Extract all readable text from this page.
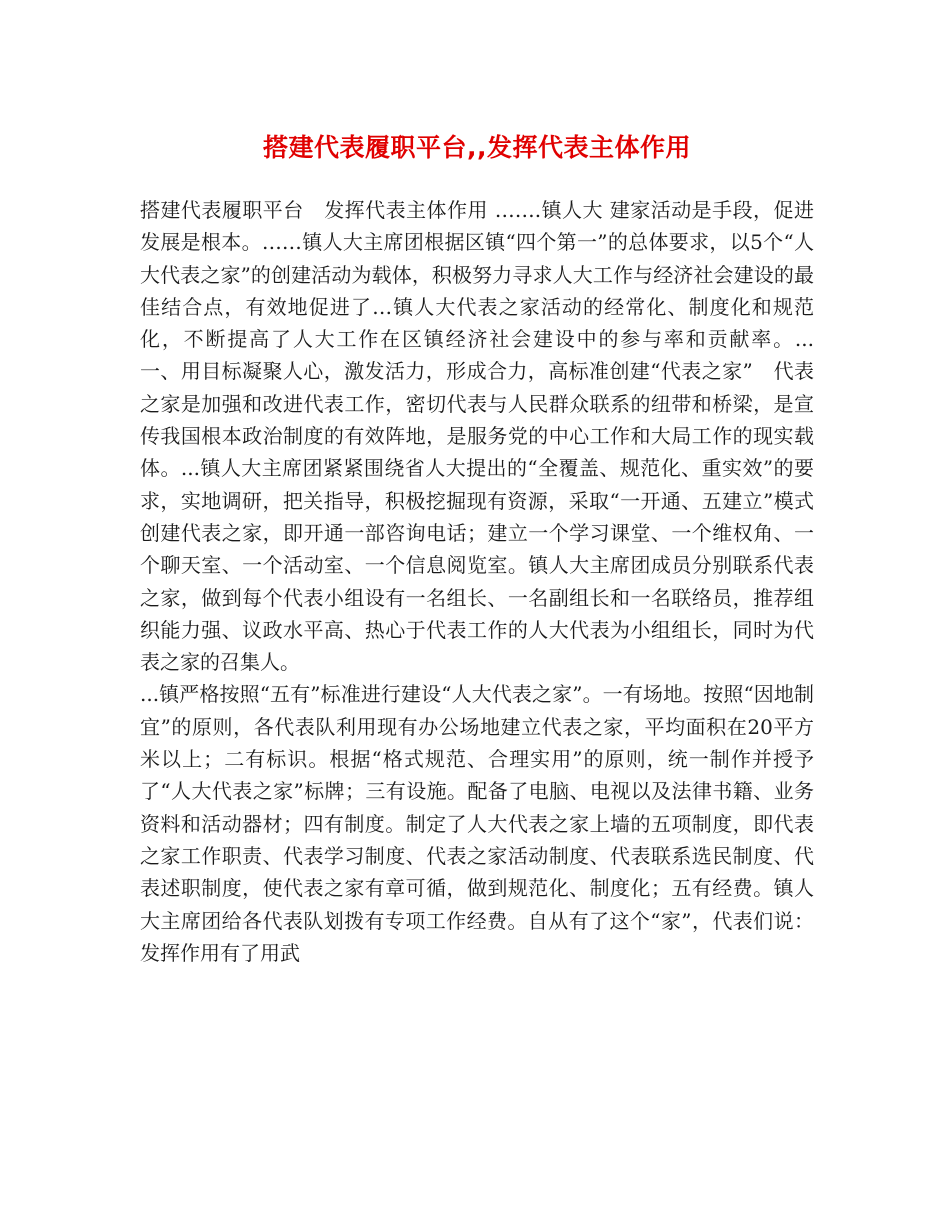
搭建代表履职平台,,发挥代表主体作用

搭建代表履职平台　发挥代表主体作用 …….镇人大 建家活动是手段，促进发展是根本。……镇人大主席团根据区镇“四个第一”的总体要求，以5个“人大代表之家”的创建活动为载体，积极努力寻求人大工作与经济社会建设的最佳结合点，有效地促进了…镇人大代表之家活动的经常化、制度化和规范化，不断提高了人大工作在区镇经济社会建设中的参与率和贡献率。...　一、用目标凝聚人心，激发活力，形成合力，高标准创建“代表之家”　代表之家是加强和改进代表工作，密切代表与人民群众联系的纽带和桥梁，是宣传我国根本政治制度的有效阵地，是服务党的中心工作和大局工作的现实载体。...镇人大主席团紧紧围绕省人大提出的“全覆盖、规范化、重实效”的要求，实地调研，把关指导，积极挖掘现有资源，采取“一开通、五建立”模式创建代表之家，即开通一部咨询电话；建立一个学习课堂、一个维权角、一个聊天室、一个活动室、一个信息阅览室。镇人大主席团成员分别联系代表之家，做到每个代表小组设有一名组长、一名副组长和一名联络员，推荐组织能力强、议政水平高、热心于代表工作的人大代表为小组组长，同时为代表之家的召集人。

...镇严格按照“五有”标准进行建设“人大代表之家”。一有场地。按照“因地制宜”的原则，各代表队利用现有办公场地建立代表之家，平均面积在20平方米以上；二有标识。根据“格式规范、合理实用”的原则，统一制作并授予了“人大代表之家”标牌；三有设施。配备了电脑、电视以及法律书籍、业务资料和活动器材；四有制度。制定了人大代表之家上墙的五项制度，即代表之家工作职责、代表学习制度、代表之家活动制度、代表联系选民制度、代表述职制度，使代表之家有章可循，做到规范化、制度化；五有经费。镇人大主席团给各代表队划拨有专项工作经费。自从有了这个“家”，代表们说：发挥作用有了用武
